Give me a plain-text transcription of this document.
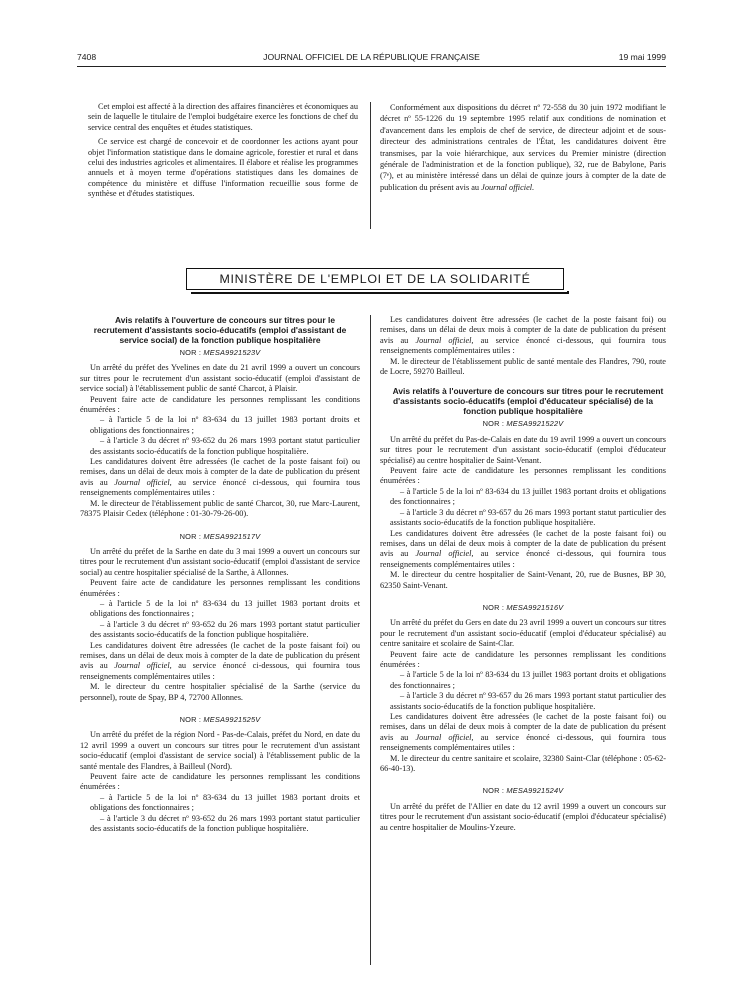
7408	JOURNAL OFFICIEL DE LA RÉPUBLIQUE FRANÇAISE	19 mai 1999

Cet emploi est affecté à la direction des affaires financières et économiques au sein de laquelle le titulaire de l'emploi budgétaire exerce les fonctions de chef du service central des enquêtes et études statistiques.

Ce service est chargé de concevoir et de coordonner les actions ayant pour objet l'information statistique dans le domaine agricole, forestier et rural et dans celui des industries agricoles et alimentaires. Il élabore et réalise les programmes annuels et à moyen terme d'opérations statistiques dans les domaines de compétence du ministère et diffuse l'information recueillie sous forme de synthèse et d'études statistiques.

Conformément aux dispositions du décret nº 72-558 du 30 juin 1972 modifiant le décret nº 55-1226 du 19 septembre 1995 relatif aux conditions de nomination et d'avancement dans les emplois de chef de service, de directeur adjoint et de sous-directeur des administrations centrales de l'État, les candidatures doivent être transmises, par la voie hiérarchique, aux services du Premier ministre (direction générale de l'administration et de la fonction publique), 32, rue de Babylone, Paris (7ᵉ), et au ministère intéressé dans un délai de quinze jours à compter de la date de publication du présent avis au Journal officiel.

MINISTÈRE DE L'EMPLOI ET DE LA SOLIDARITÉ

Avis relatifs à l'ouverture de concours sur titres pour le recrutement d'assistants socio-éducatifs (emploi d'assistant de service social) de la fonction publique hospitalière

NOR : MESA9921523V

Un arrêté du préfet des Yvelines en date du 21 avril 1999 a ouvert un concours sur titres pour le recrutement d'un assistant socio-éducatif (emploi d'assistant de service social) à l'établissement public de santé Charcot, à Plaisir.

Peuvent faire acte de candidature les personnes remplissant les conditions énumérées :

– à l'article 5 de la loi nº 83-634 du 13 juillet 1983 portant droits et obligations des fonctionnaires ;

– à l'article 3 du décret nº 93-652 du 26 mars 1993 portant statut particulier des assistants socio-éducatifs de la fonction publique hospitalière.

Les candidatures doivent être adressées (le cachet de la poste faisant foi) ou remises, dans un délai de deux mois à compter de la date de publication du présent avis au Journal officiel, au service énoncé ci-dessous, qui fournira tous renseignements complémentaires utiles :

M. le directeur de l'établissement public de santé Charcot, 30, rue Marc-Laurent, 78375 Plaisir Cedex (téléphone : 01-30-79-26-00).

NOR : MESA9921517V

Un arrêté du préfet de la Sarthe en date du 3 mai 1999 a ouvert un concours sur titres pour le recrutement d'un assistant socio-éducatif (emploi d'assistant de service social) au centre hospitalier spécialisé de la Sarthe, à Allonnes.

Peuvent faire acte de candidature les personnes remplissant les conditions énumérées :

– à l'article 5 de la loi nº 83-634 du 13 juillet 1983 portant droits et obligations des fonctionnaires ;

– à l'article 3 du décret nº 93-652 du 26 mars 1993 portant statut particulier des assistants socio-éducatifs de la fonction publique hospitalière.

Les candidatures doivent être adressées (le cachet de la poste faisant foi) ou remises, dans un délai de deux mois à compter de la date de publication du présent avis au Journal officiel, au service énoncé ci-dessous, qui fournira tous renseignements complémentaires utiles :

M. le directeur du centre hospitalier spécialisé de la Sarthe (service du personnel), route de Spay, BP 4, 72700 Allonnes.

NOR : MESA9921525V

Un arrêté du préfet de la région Nord - Pas-de-Calais, préfet du Nord, en date du 12 avril 1999 a ouvert un concours sur titres pour le recrutement d'un assistant socio-éducatif (emploi d'assistant de service social) à l'établissement public de la santé mentale des Flandres, à Bailleul (Nord).

Peuvent faire acte de candidature les personnes remplissant les conditions énumérées :

– à l'article 5 de la loi nº 83-634 du 13 juillet 1983 portant droits et obligations des fonctionnaires ;

– à l'article 3 du décret nº 93-652 du 26 mars 1993 portant statut particulier des assistants socio-éducatifs de la fonction publique hospitalière.

Les candidatures doivent être adressées (le cachet de la poste faisant foi) ou remises, dans un délai de deux mois à compter de la date de publication du présent avis au Journal officiel, au service énoncé ci-dessous, qui fournira tous renseignements complémentaires utiles :

M. le directeur de l'établissement public de santé mentale des Flandres, 790, route de Locre, 59270 Bailleul.

Avis relatifs à l'ouverture de concours sur titres pour le recrutement d'assistants socio-éducatifs (emploi d'éducateur spécialisé) de la fonction publique hospitalière

NOR : MESA9921522V

Un arrêté du préfet du Pas-de-Calais en date du 19 avril 1999 a ouvert un concours sur titres pour le recrutement d'un assistant socio-éducatif (emploi d'éducateur spécialisé) au centre hospitalier de Saint-Venant.

Peuvent faire acte de candidature les personnes remplissant les conditions énumérées :

– à l'article 5 de la loi nº 83-634 du 13 juillet 1983 portant droits et obligations des fonctionnaires ;

– à l'article 3 du décret nº 93-657 du 26 mars 1993 portant statut particulier des assistants socio-éducatifs de la fonction publique hospitalière.

Les candidatures doivent être adressées (le cachet de la poste faisant foi) ou remises, dans un délai de deux mois à compter de la date de publication du présent avis au Journal officiel, au service énoncé ci-dessous, qui fournira tous renseignements complémentaires utiles :

M. le directeur du centre hospitalier de Saint-Venant, 20, rue de Busnes, BP 30, 62350 Saint-Venant.

NOR : MESA9921516V

Un arrêté du préfet du Gers en date du 23 avril 1999 a ouvert un concours sur titres pour le recrutement d'un assistant socio-éducatif (emploi d'éducateur spécialisé) au centre sanitaire et scolaire de Saint-Clar.

Peuvent faire acte de candidature les personnes remplissant les conditions énumérées :

– à l'article 5 de la loi nº 83-634 du 13 juillet 1983 portant droits et obligations des fonctionnaires ;

– à l'article 3 du décret nº 93-657 du 26 mars 1993 portant statut particulier des assistants socio-éducatifs de la fonction publique hospitalière.

Les candidatures doivent être adressées (le cachet de la poste faisant foi) ou remises, dans un délai de deux mois à compter de la date de publication du présent avis au Journal officiel, au service énoncé ci-dessous, qui fournira tous renseignements complémentaires utiles :

M. le directeur du centre sanitaire et scolaire, 32380 Saint-Clar (téléphone : 05-62-66-40-13).

NOR : MESA9921524V

Un arrêté du préfet de l'Allier en date du 12 avril 1999 a ouvert un concours sur titres pour le recrutement d'un assistant socio-éducatif (emploi d'éducateur spécialisé) au centre hospitalier de Moulins-Yzeure.
